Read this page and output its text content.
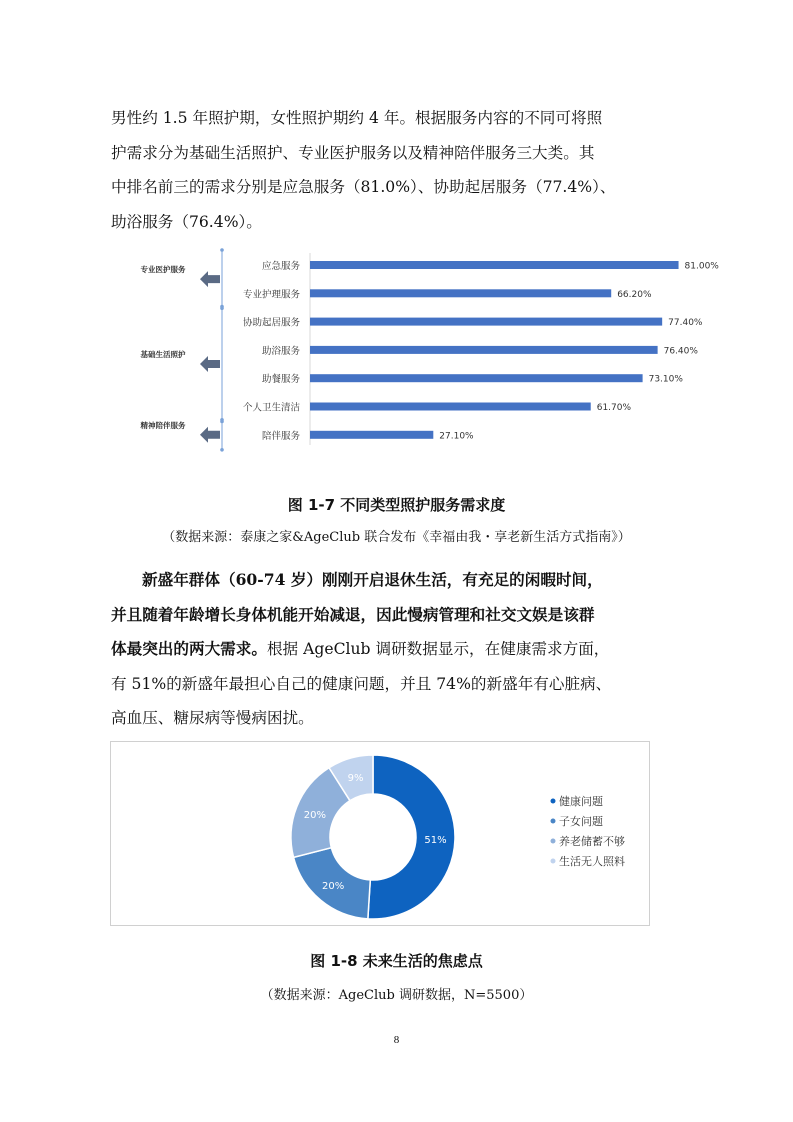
男性约 1.5 年照护期，女性照护期约 4 年。根据服务内容的不同可将照

护需求分为基础生活照护、专业医护服务以及精神陪伴服务三大类。其

中排名前三的需求分别是应急服务（81.0%）、协助起居服务（77.4%）、

助浴服务（76.4%）。

应急服务	81.00%
专业护理服务	66.20%
协助起居服务	77.40%
助浴服务	76.40%
助餐服务	73.10%
个人卫生清洁	61.70%
陪伴服务	27.10%
专业医护服务
基础生活照护
精神陪伴服务
图 1-7 不同类型照护服务需求度
（数据来源：泰康之家&AgeClub 联合发布《幸福由我・享老新生活方式指南》）

新盛年群体（60-74 岁）刚刚开启退休生活，有充足的闲暇时间，

并且随着年龄增长身体机能开始减退，因此慢病管理和社交文娱是该群

体最突出的两大需求。根据 AgeClub 调研数据显示，在健康需求方面，

有 51%的新盛年最担心自己的健康问题，并且 74%的新盛年有心脏病、

高血压、糖尿病等慢病困扰。

51%
20%
20%
9%
健康问题
子女问题
养老储蓄不够
生活无人照料
图 1-8 未来生活的焦虑点
（数据来源：AgeClub 调研数据，N=5500）
8
